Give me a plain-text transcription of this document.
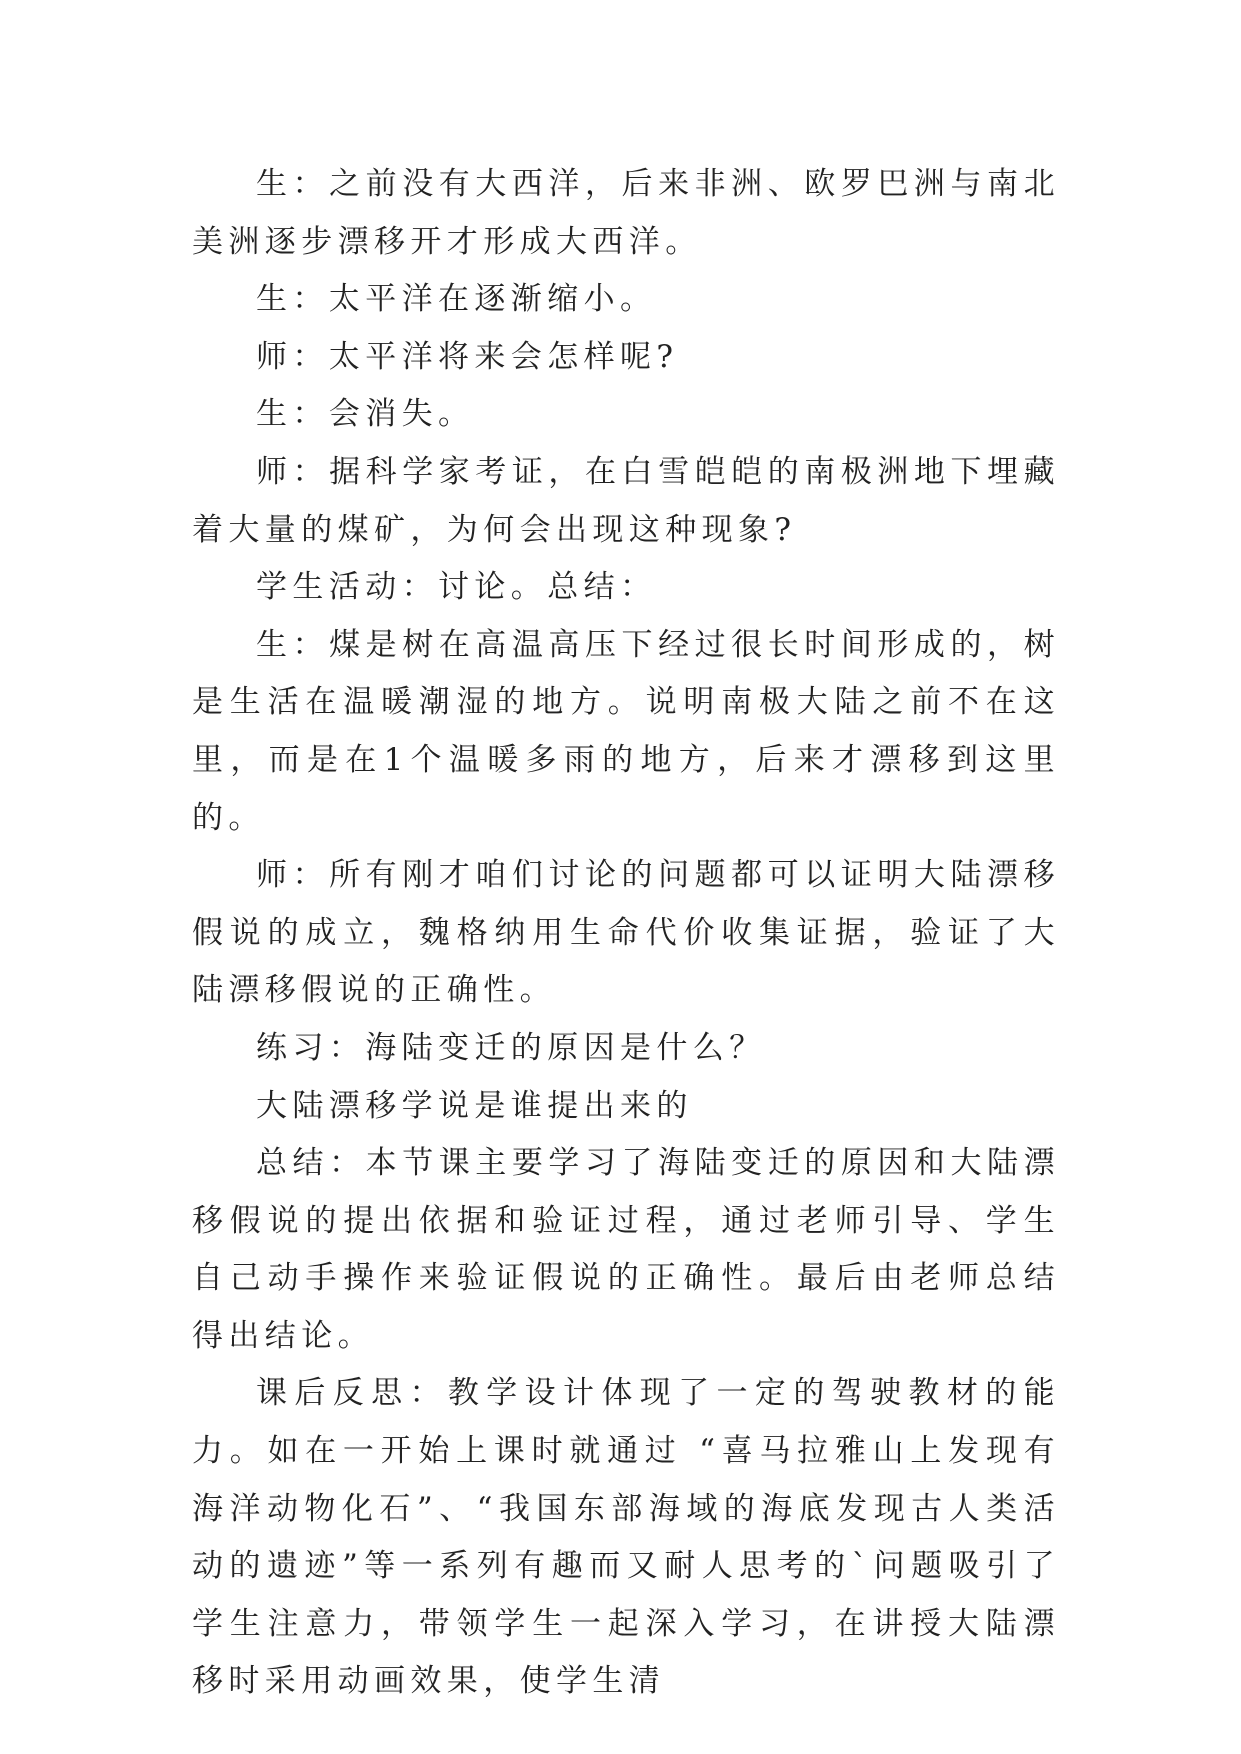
生：之前没有大西洋，后来非洲、欧罗巴洲与南北美洲逐步漂移开才形成大西洋。

生：太平洋在逐渐缩小。

师：太平洋将来会怎样呢?

生：会消失。

师：据科学家考证，在白雪皑皑的南极洲地下埋藏着大量的煤矿，为何会出现这种现象?

学生活动：讨论。总结：

生：煤是树在高温高压下经过很长时间形成的，树是生活在温暖潮湿的地方。说明南极大陆之前不在这里，而是在1个温暖多雨的地方，后来才漂移到这里的。

师：所有刚才咱们讨论的问题都可以证明大陆漂移假说的成立，魏格纳用生命代价收集证据，验证了大陆漂移假说的正确性。

练习：海陆变迁的原因是什么？

大陆漂移学说是谁提出来的

总结：本节课主要学习了海陆变迁的原因和大陆漂移假说的提出依据和验证过程，通过老师引导、学生自己动手操作来验证假说的正确性。最后由老师总结得出结论。

课后反思：教学设计体现了一定的驾驶教材的能力。如在一开始上课时就通过 “喜马拉雅山上发现有海洋动物化石”、“我国东部海域的海底发现古人类活动的遗迹”等一系列有趣而又耐人思考的`问题吸引了学生注意力，带领学生一起深入学习，在讲授大陆漂移时采用动画效果，使学生清
